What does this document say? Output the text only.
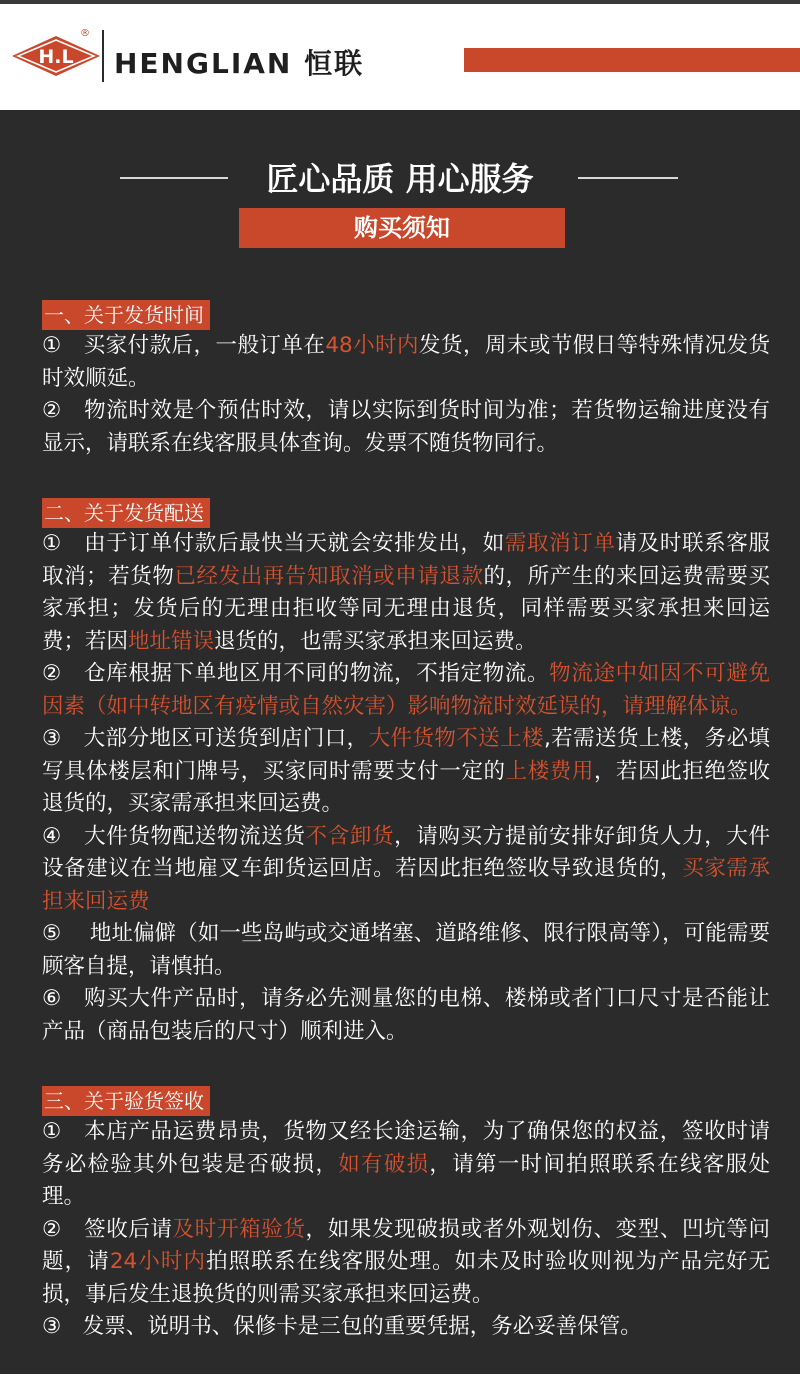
H.L
®
HENGLIAN 恒联
匠心品质 用心服务
购买须知
一、关于发货时间
①　买家付款后，一般订单在48小时内发货，周末或节假日等特殊情况发货时效顺延。
②　物流时效是个预估时效，请以实际到货时间为准；若货物运输进度没有显示，请联系在线客服具体查询。发票不随货物同行。
二、关于发货配送
①　由于订单付款后最快当天就会安排发出，如需取消订单请及时联系客服取消；若货物已经发出再告知取消或申请退款的，所产生的来回运费需要买家承担；发货后的无理由拒收等同无理由退货，同样需要买家承担来回运费；若因地址错误退货的，也需买家承担来回运费。
②　仓库根据下单地区用不同的物流，不指定物流。物流途中如因不可避免因素（如中转地区有疫情或自然灾害）影响物流时效延误的，请理解体谅。
③　大部分地区可送货到店门口，大件货物不送上楼,若需送货上楼，务必填写具体楼层和门牌号，买家同时需要支付一定的上楼费用，若因此拒绝签收退货的，买家需承担来回运费。
④　大件货物配送物流送货不含卸货，请购买方提前安排好卸货人力，大件设备建议在当地雇叉车卸货运回店。若因此拒绝签收导致退货的，买家需承担来回运费
⑤　 地址偏僻（如一些岛屿或交通堵塞、道路维修、限行限高等），可能需要顾客自提，请慎拍。
⑥　购买大件产品时，请务必先测量您的电梯、楼梯或者门口尺寸是否能让产品（商品包装后的尺寸）顺利进入。
三、关于验货签收
①　本店产品运费昂贵，货物又经长途运输，为了确保您的权益，签收时请务必检验其外包装是否破损，如有破损，请第一时间拍照联系在线客服处理。
②　签收后请及时开箱验货，如果发现破损或者外观划伤、变型、凹坑等问题，请24小时内拍照联系在线客服处理。如未及时验收则视为产品完好无损，事后发生退换货的则需买家承担来回运费。
③　发票、说明书、保修卡是三包的重要凭据，务必妥善保管。
